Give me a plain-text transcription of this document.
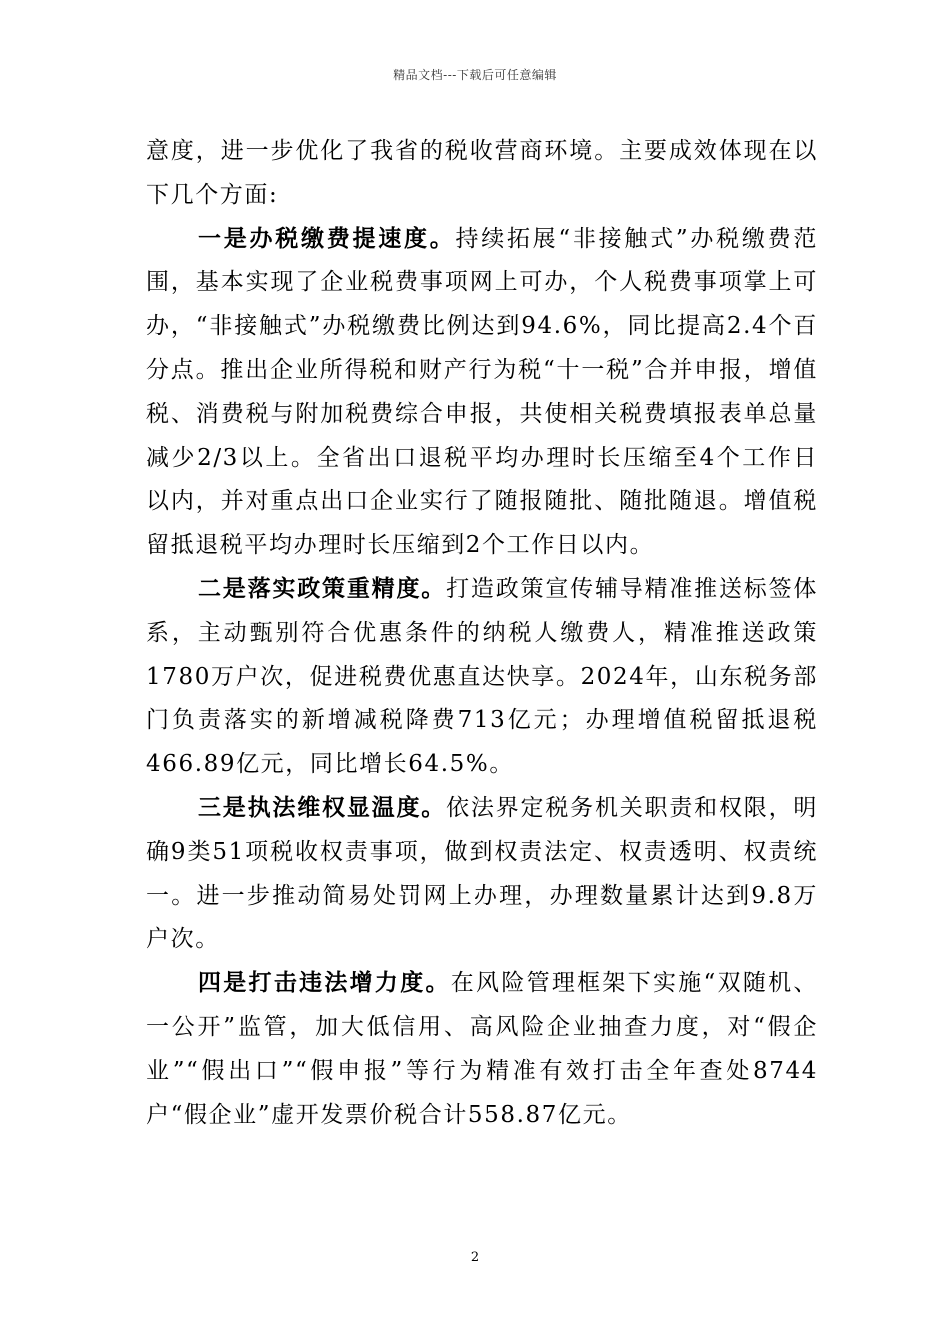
精品文档---下载后可任意编辑

意度，进一步优化了我省的税收营商环境。主要成效体现在以下几个方面:

一是办税缴费提速度。持续拓展“非接触式”办税缴费范围，基本实现了企业税费事项网上可办，个人税费事项掌上可办，“非接触式”办税缴费比例达到94.6%，同比提高2.4个百分点。推出企业所得税和财产行为税“十一税”合并申报，增值税、消费税与附加税费综合申报，共使相关税费填报表单总量减少2/3以上。全省出口退税平均办理时长压缩至4个工作日以内，并对重点出口企业实行了随报随批、随批随退。增值税留抵退税平均办理时长压缩到2个工作日以内。

二是落实政策重精度。打造政策宣传辅导精准推送标签体系，主动甄别符合优惠条件的纳税人缴费人，精准推送政策1780万户次，促进税费优惠直达快享。2024年，山东税务部门负责落实的新增减税降费713亿元；办理增值税留抵退税466.89亿元，同比增长64.5%。

三是执法维权显温度。依法界定税务机关职责和权限，明确9类51项税收权责事项，做到权责法定、权责透明、权责统一。进一步推动简易处罚网上办理，办理数量累计达到9.8万户次。

四是打击违法增力度。在风险管理框架下实施“双随机、一公开”监管，加大低信用、高风险企业抽查力度，对“假企业”“假出口”“假申报”等行为精准有效打击全年查处8744户“假企业”虚开发票价税合计558.87亿元。

2
